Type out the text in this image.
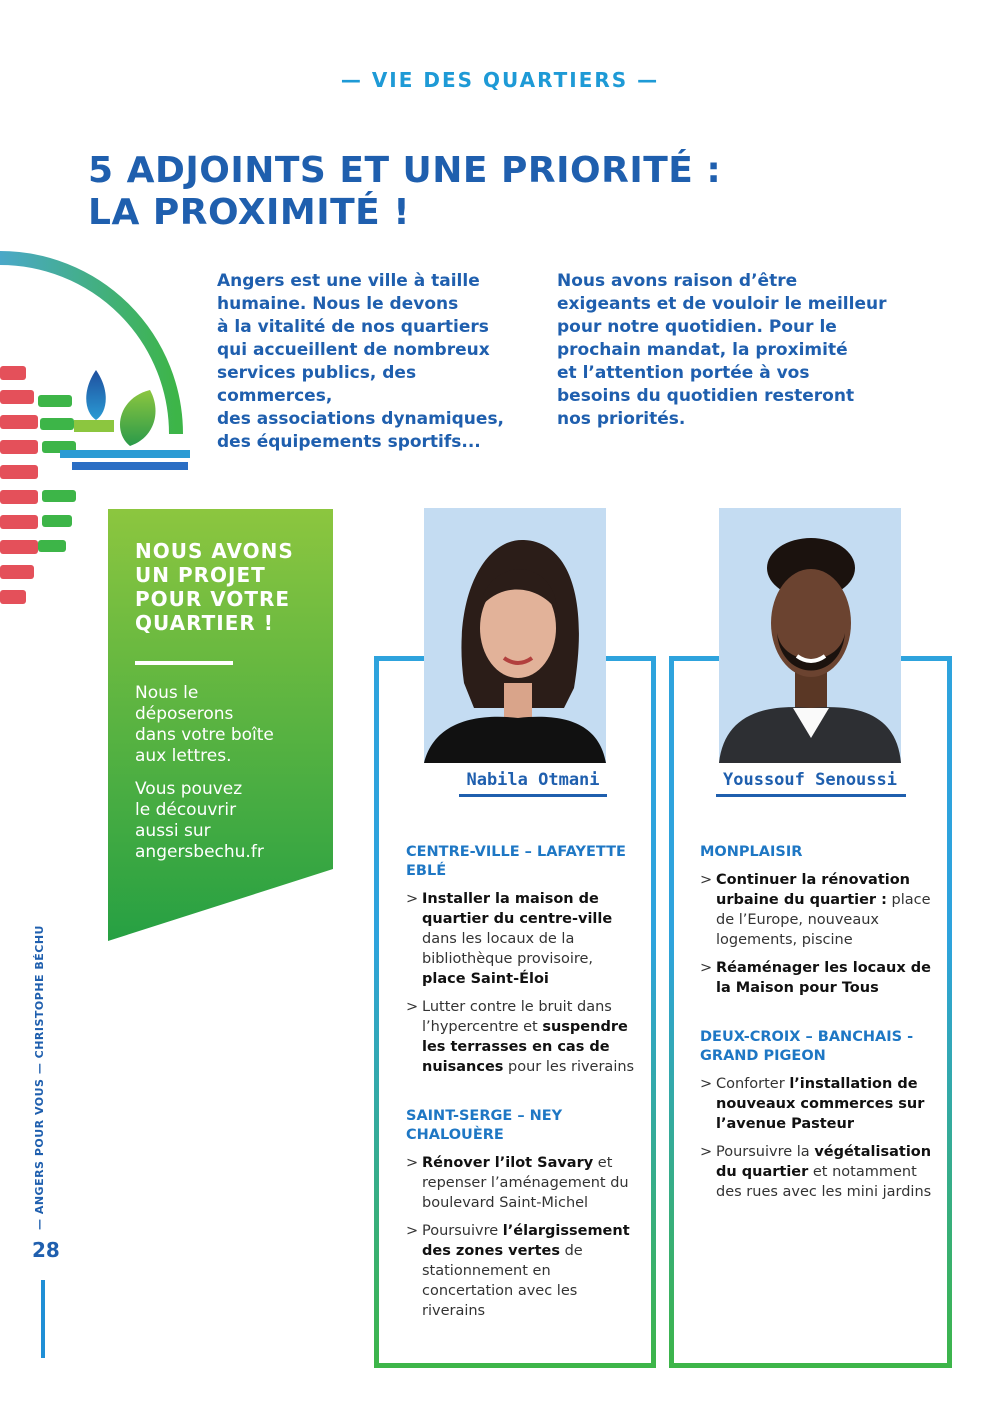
— VIE DES QUARTIERS —
5 ADJOINTS ET UNE PRIORITÉ :
LA PROXIMITÉ !

Angers est une ville à taille

humaine. Nous le devons

à la vitalité de nos quartiers

qui accueillent de nombreux

services publics, des commerces,

des associations dynamiques,

des équipements sportifs...

Nous avons raison d’être

exigeants et de vouloir le meilleur

pour notre quotidien. Pour le

prochain mandat, la proximité

et l’attention portée à vos

besoins du quotidien resteront

nos priorités.

NOUS AVONS
UN PROJET
POUR VOTRE
QUARTIER !

Nous le
déposerons
dans votre boîte
aux lettres.

Vous pouvez
le découvrir
aussi sur
angersbechu.fr

Nabila Otmani
CENTRE-VILLE – LAFAYETTE EBLÉ
> Installer la maison de quartier du centre-ville dans les locaux de la bibliothèque provisoire, place Saint-Éloi
> Lutter contre le bruit dans l’hypercentre et suspendre les terrasses en cas de nuisances pour les riverains
SAINT-SERGE – NEY CHALOUÈRE
> Rénover l’ilot Savary et repenser l’aménagement du boulevard Saint-Michel
> Poursuivre l’élargissement des zones vertes de stationnement en concertation avec les riverains
Youssouf Senoussi
MONPLAISIR
> Continuer la rénovation urbaine du quartier : place de l’Europe, nouveaux logements, piscine
> Réaménager les locaux de la Maison pour Tous
DEUX-CROIX – BANCHAIS - GRAND PIGEON
> Conforter l’installation de nouveaux commerces sur l’avenue Pasteur
> Poursuivre la végétalisation du quartier et notamment des rues avec les mini jardins
— ANGERS POUR VOUS — CHRISTOPHE BÉCHU
28
